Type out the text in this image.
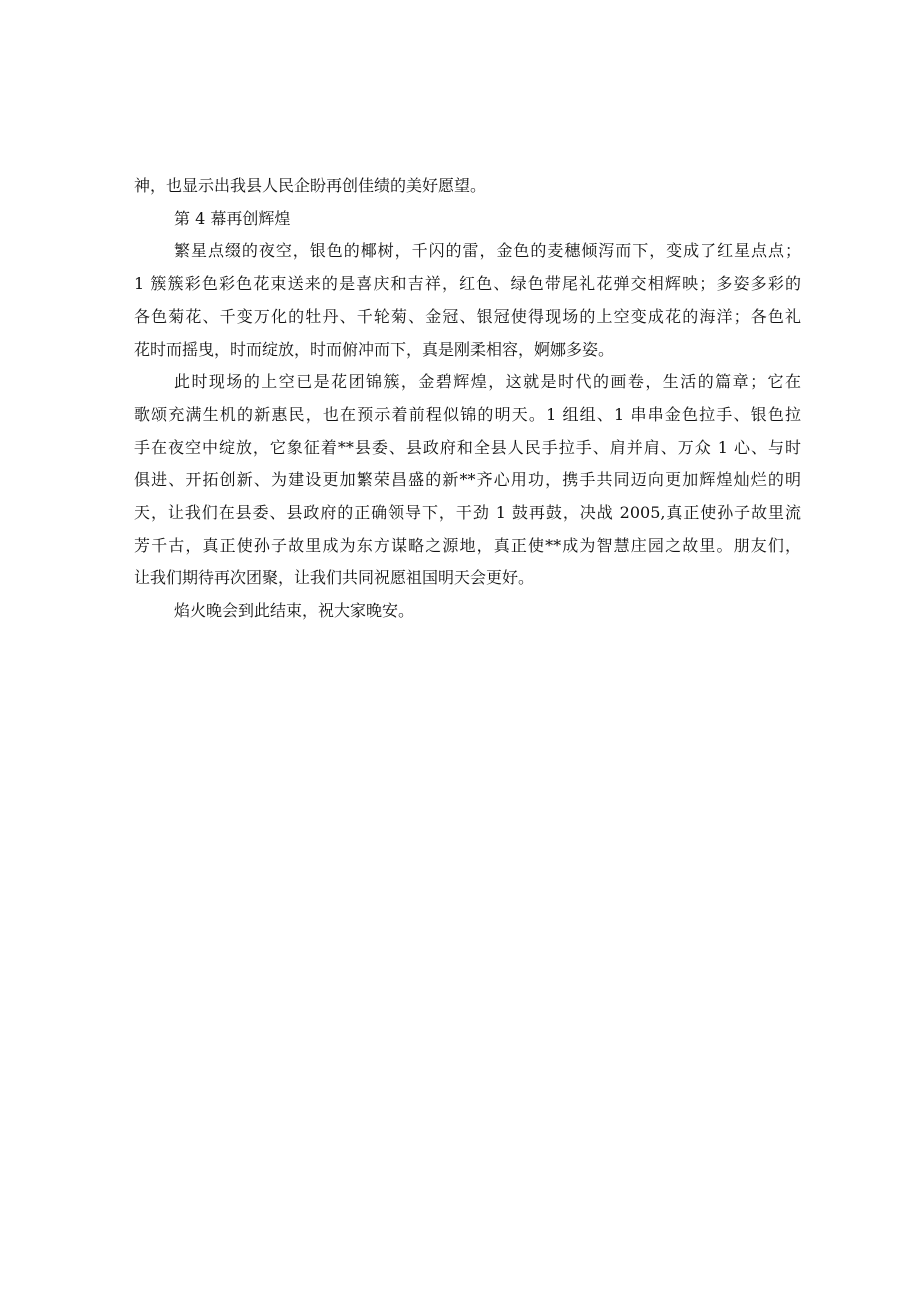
神，也显示出我县人民企盼再创佳绩的美好愿望。

第 4 幕再创辉煌

繁星点缀的夜空，银色的椰树，千闪的雷，金色的麦穗倾泻而下，变成了红星点点；
1 簇簇彩色彩色花束送来的是喜庆和吉祥，红色、绿色带尾礼花弹交相辉映；多姿多彩的
各色菊花、千变万化的牡丹、千轮菊、金冠、银冠使得现场的上空变成花的海洋；各色礼
花时而摇曳，时而绽放，时而俯冲而下，真是刚柔相容，婀娜多姿。

此时现场的上空已是花团锦簇，金碧辉煌，这就是时代的画卷，生活的篇章；它在
歌颂充满生机的新惠民，也在预示着前程似锦的明天。1 组组、1 串串金色拉手、银色拉
手在夜空中绽放，它象征着**县委、县政府和全县人民手拉手、肩并肩、万众 1 心、与时
俱进、开拓创新、为建设更加繁荣昌盛的新**齐心用功，携手共同迈向更加辉煌灿烂的明
天，让我们在县委、县政府的正确领导下，干劲 1 鼓再鼓，决战 2005,真正使孙子故里流
芳千古，真正使孙子故里成为东方谋略之源地，真正使**成为智慧庄园之故里。朋友们，
让我们期待再次团聚，让我们共同祝愿祖国明天会更好。

焰火晚会到此结束，祝大家晚安。
